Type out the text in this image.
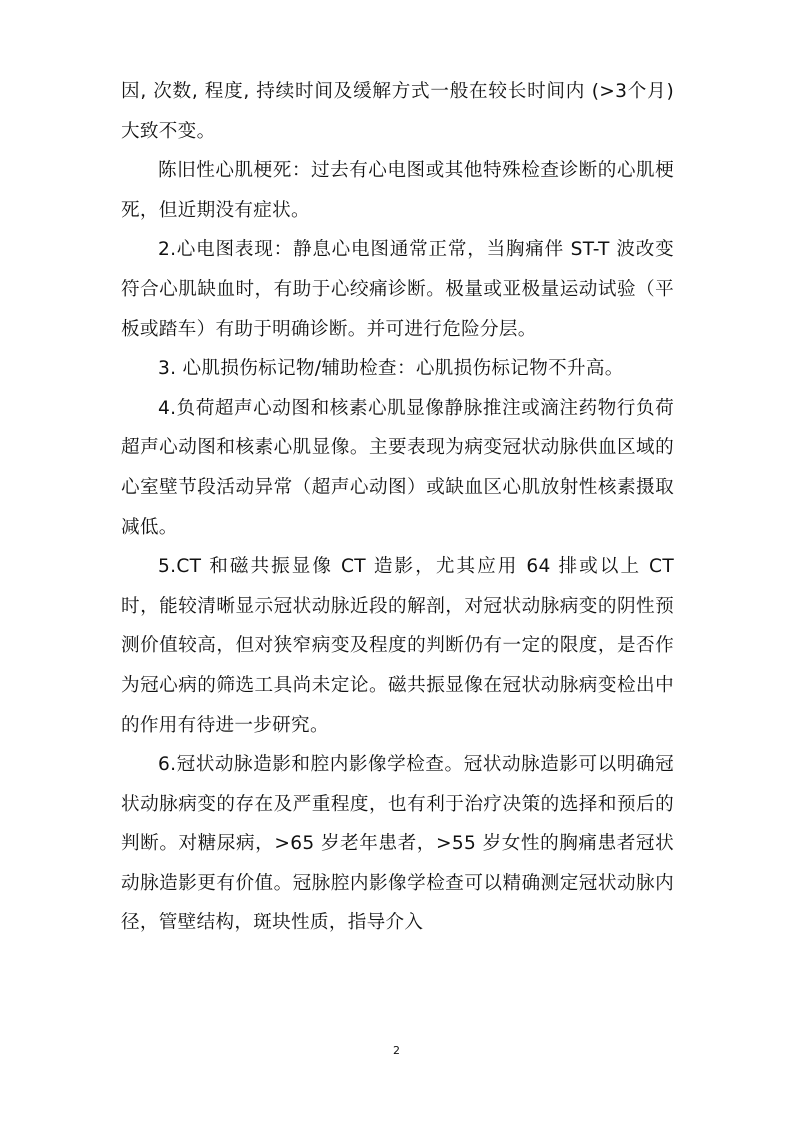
因, 次数, 程度, 持续时间及缓解方式一般在较长时间内 (>3个月) 大致不变。

陈旧性心肌梗死：过去有心电图或其他特殊检查诊断的心肌梗死，但近期没有症状。

2.心电图表现：静息心电图通常正常，当胸痛伴 ST-T 波改变符合心肌缺血时，有助于心绞痛诊断。极量或亚极量运动试验（平板或踏车）有助于明确诊断。并可进行危险分层。

3. 心肌损伤标记物/辅助检查：心肌损伤标记物不升高。

4.负荷超声心动图和核素心肌显像静脉推注或滴注药物行负荷超声心动图和核素心肌显像。主要表现为病变冠状动脉供血区域的心室壁节段活动异常（超声心动图）或缺血区心肌放射性核素摄取减低。

5.CT 和磁共振显像 CT 造影，尤其应用 64 排或以上 CT 时，能较清晰显示冠状动脉近段的解剖，对冠状动脉病变的阴性预测价值较高，但对狭窄病变及程度的判断仍有一定的限度，是否作为冠心病的筛选工具尚未定论。磁共振显像在冠状动脉病变检出中的作用有待进一步研究。

6.冠状动脉造影和腔内影像学检查。冠状动脉造影可以明确冠状动脉病变的存在及严重程度，也有利于治疗决策的选择和预后的判断。对糖尿病，>65 岁老年患者，>55 岁女性的胸痛患者冠状动脉造影更有价值。冠脉腔内影像学检查可以精确测定冠状动脉内径，管壁结构，斑块性质，指导介入

2
